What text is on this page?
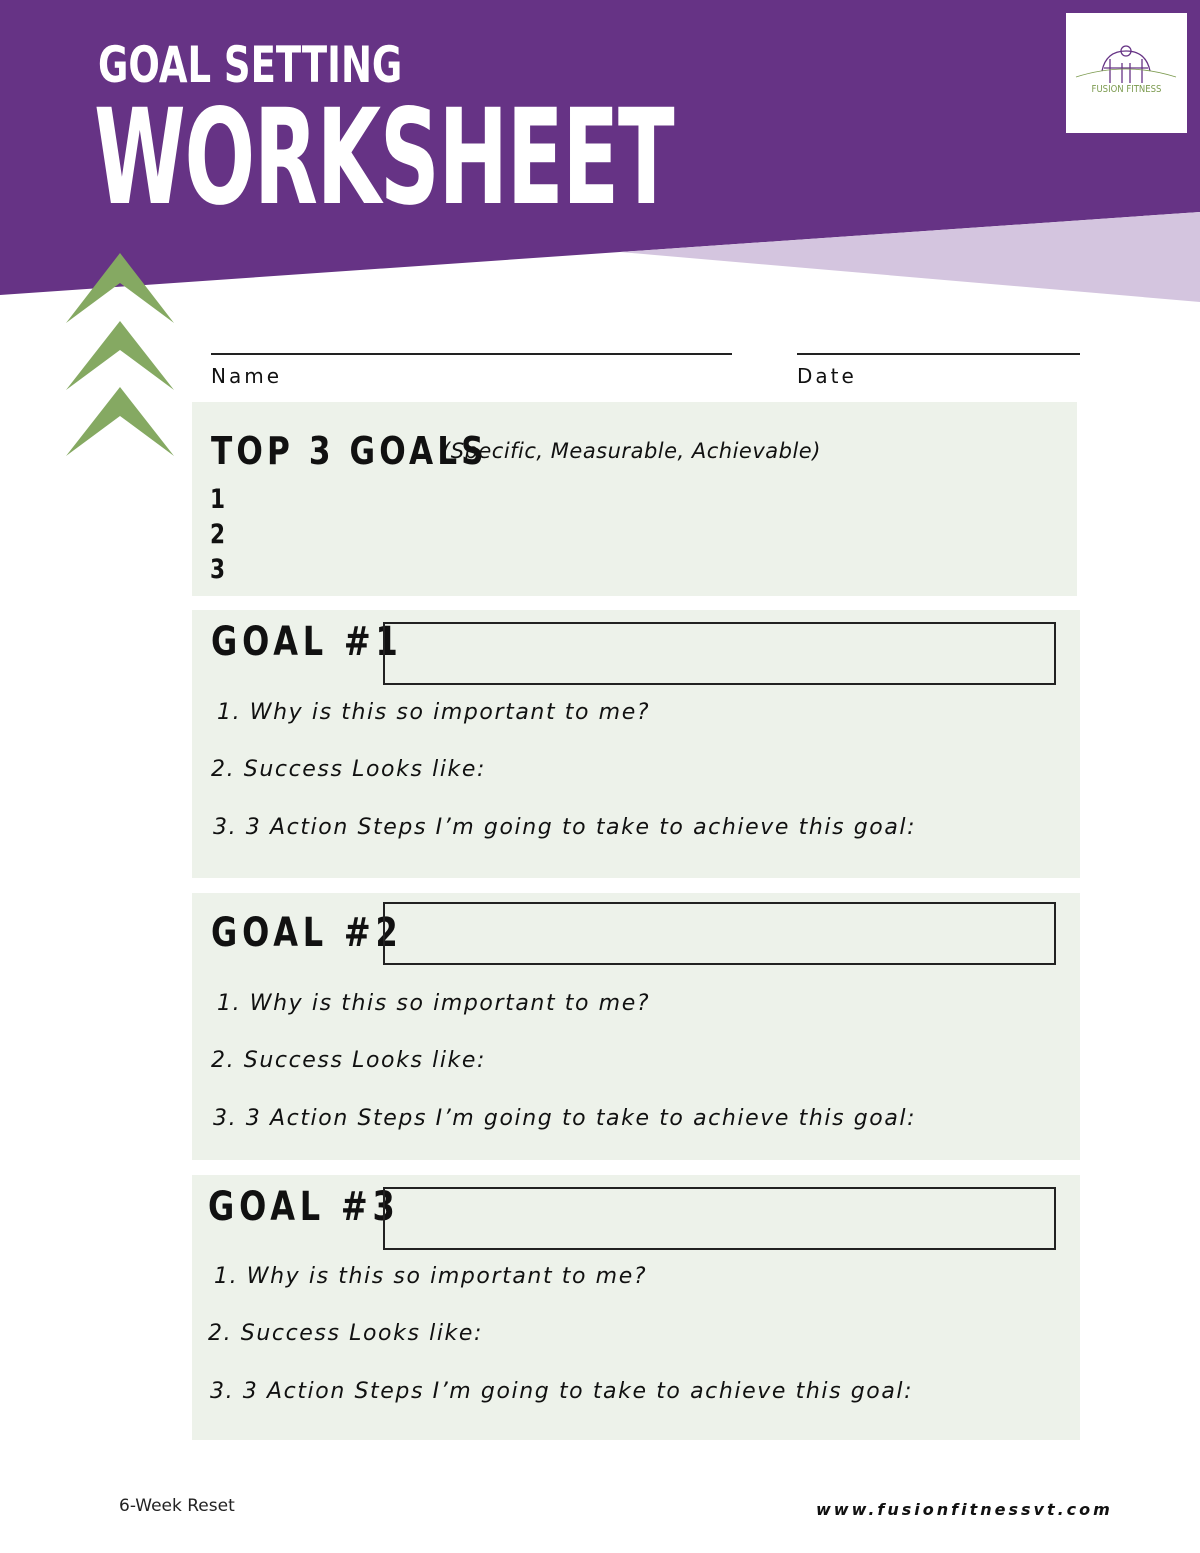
GOAL SETTING
WORKSHEET	FUSION FITNESS
Name	Date
TOP 3 GOALS
(Specific, Measurable, Achievable)
1
2
3
GOAL #1
1. Why is this so important to me?
2. Success Looks like:
3. 3 Action Steps I’m going to take to achieve this goal:
GOAL #2
1. Why is this so important to me?
2. Success Looks like:
3. 3 Action Steps I’m going to take to achieve this goal:
GOAL #3
1. Why is this so important to me?
2. Success Looks like:
3. 3 Action Steps I’m going to take to achieve this goal:
6-Week Reset	www.fusionfitnessvt.com
